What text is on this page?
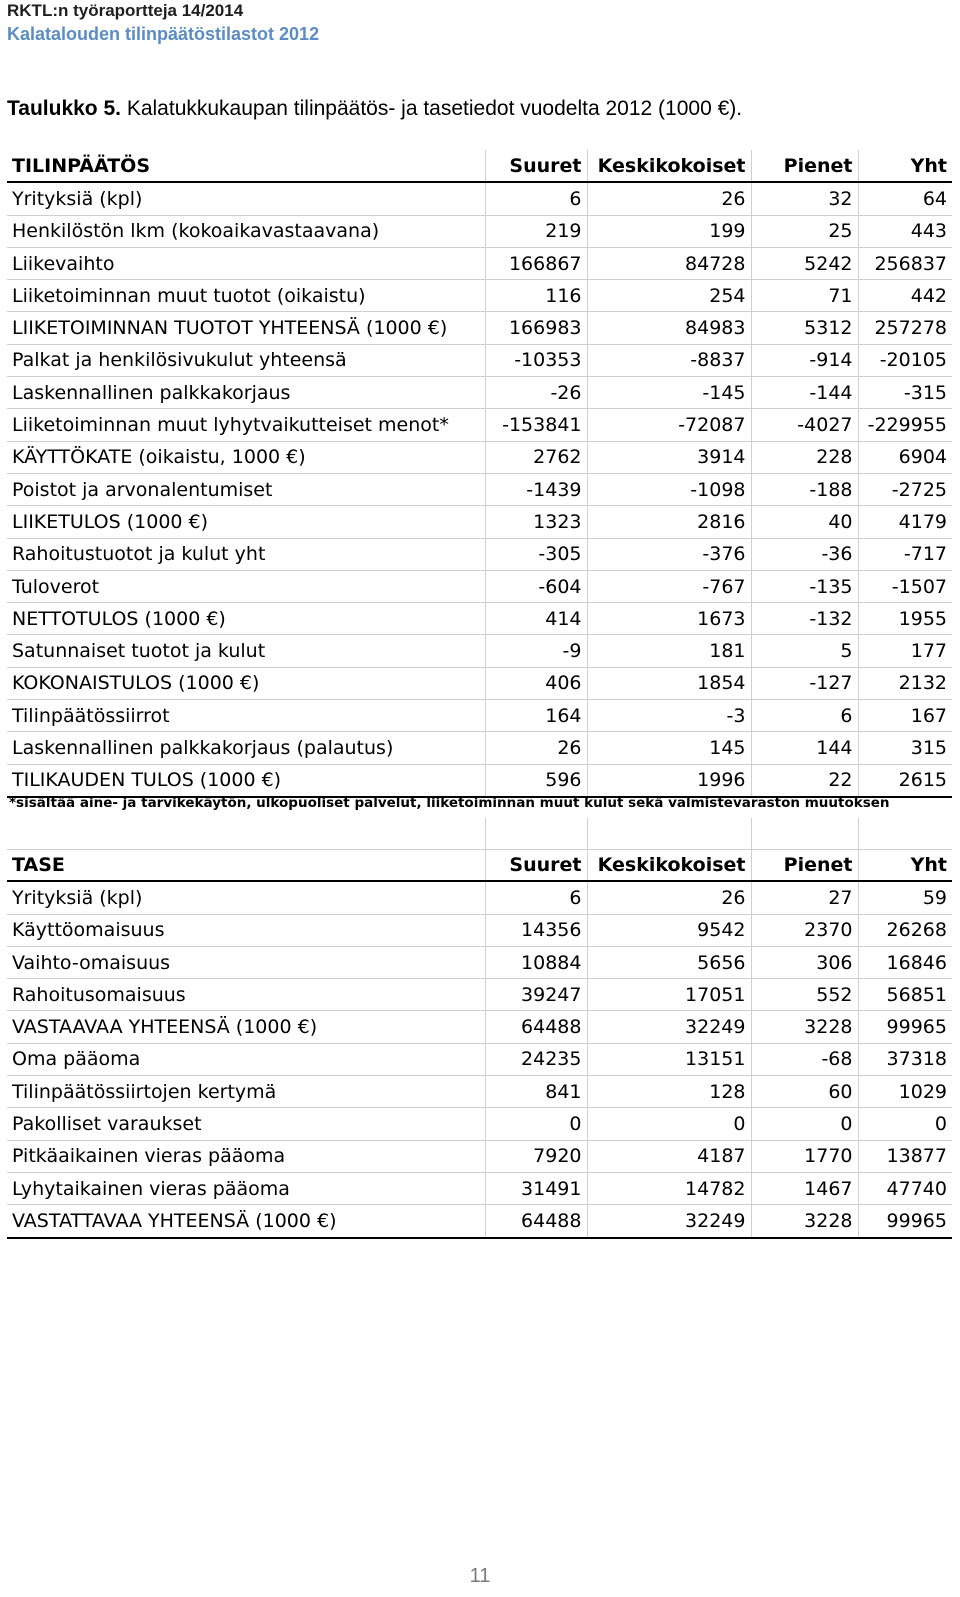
RKTL:n työraportteja 14/2014
Kalatalouden tilinpäätöstilastot 2012
Taulukko 5. Kalatukkukaupan tilinpäätös- ja tasetiedot vuodelta 2012 (1000 €).
TILINPÄÄTÖS	Suuret	Keskikokoiset	Pienet	Yht
Yrityksiä (kpl)	6	26	32	64
Henkilöstön lkm (kokoaikavastaavana)	219	199	25	443
Liikevaihto	166867	84728	5242	256837
Liiketoiminnan muut tuotot (oikaistu)	116	254	71	442
LIIKETOIMINNAN TUOTOT YHTEENSÄ (1000 €)	166983	84983	5312	257278
Palkat ja henkilösivukulut yhteensä	-10353	-8837	-914	-20105
Laskennallinen palkkakorjaus	-26	-145	-144	-315
Liiketoiminnan muut lyhytvaikutteiset menot*	-153841	-72087	-4027	-229955
KÄYTTÖKATE (oikaistu, 1000 €)	2762	3914	228	6904
Poistot ja arvonalentumiset	-1439	-1098	-188	-2725
LIIKETULOS (1000 €)	1323	2816	40	4179
Rahoitustuotot ja kulut yht	-305	-376	-36	-717
Tuloverot	-604	-767	-135	-1507
NETTOTULOS (1000 €)	414	1673	-132	1955
Satunnaiset tuotot ja kulut	-9	181	5	177
KOKONAISTULOS (1000 €)	406	1854	-127	2132
Tilinpäätössiirrot	164	-3	6	167
Laskennallinen palkkakorjaus (palautus)	26	145	144	315
TILIKAUDEN TULOS (1000 €)	596	1996	22	2615
*sisältää aine- ja tarvikekäytön, ulkopuoliset palvelut, liiketoiminnan muut kulut sekä valmistevaraston muutoksen
TASE	Suuret	Keskikokoiset	Pienet	Yht
Yrityksiä (kpl)	6	26	27	59
Käyttöomaisuus	14356	9542	2370	26268
Vaihto-omaisuus	10884	5656	306	16846
Rahoitusomaisuus	39247	17051	552	56851
VASTAAVAA YHTEENSÄ (1000 €)	64488	32249	3228	99965
Oma pääoma	24235	13151	-68	37318
Tilinpäätössiirtojen kertymä	841	128	60	1029
Pakolliset varaukset	0	0	0	0
Pitkäaikainen vieras pääoma	7920	4187	1770	13877
Lyhytaikainen vieras pääoma	31491	14782	1467	47740
VASTATTAVAA YHTEENSÄ (1000 €)	64488	32249	3228	99965
11
